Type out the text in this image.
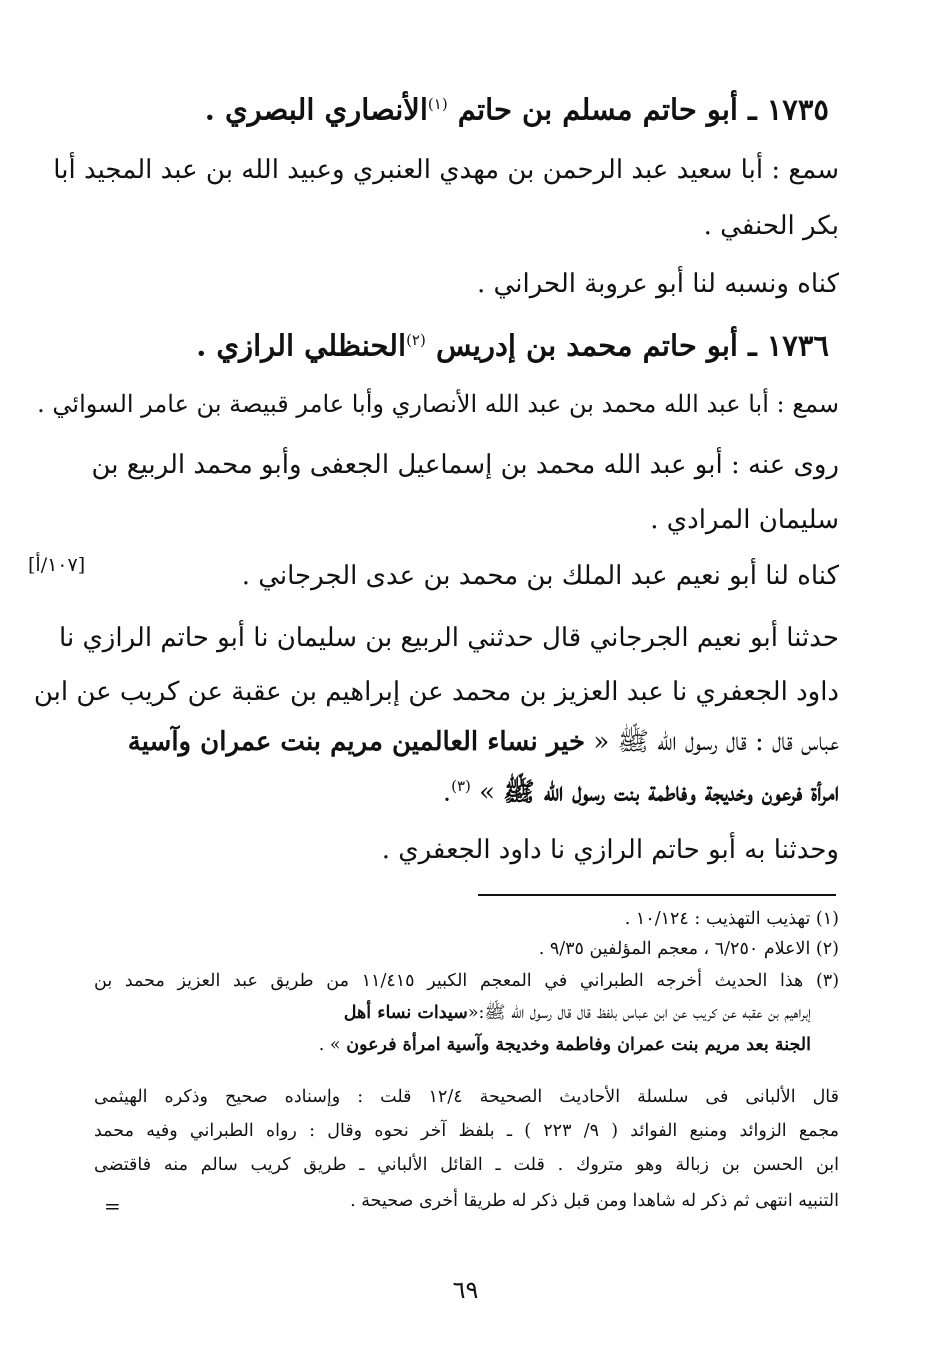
١٧٣٥ ـ أبو حاتم مسلم بن حاتم $^{(١)}$الأنصاري البصري .
سمع : أبا سعيد عبد الرحمن بن مهدي العنبري وعبيد الله بن عبد المجيد أبا
بكر الحنفي .
كناه ونسبه لنا أبو عروبة الحراني .
١٧٣٦ ـ أبو حاتم محمد بن إدريس $^{(٢)}$الحنظلي الرازي .
سمع : أبا عبد الله محمد بن عبد الله الأنصاري وأبا عامر قبيصة بن عامر السوائي .
روى عنه : أبو عبد الله محمد بن إسماعيل الجعفى وأبو محمد الربيع بن
سليمان المرادي .
كناه لنا أبو نعيم عبد الملك بن محمد بن عدى الجرجاني .
[١٠٧/أ]
حدثنا أبو نعيم الجرجاني قال حدثني الربيع بن سليمان نا أبو حاتم الرازي نا
داود الجعفري نا عبد العزيز بن محمد عن إبراهيم بن عقبة عن كريب عن ابن
عباس قال : قال رسول الله ﷺ « خير نساء العالمين مريم بنت عمران وآسية
امرأة فرعون وخديجة وفاطمة بنت رسول الله ﷺ » $^{(٣)}$.
وحدثنا به أبو حاتم الرازي نا داود الجعفري .
(١) تهذيب التهذيب : ١٠/١٢٤ .
(٢) الاعلام ٦/٢٥٠ ، معجم المؤلفين ٩/٣٥ .
(٣) هذا الحديث أخرجه الطبراني في المعجم الكبير ١١/٤١٥ من طريق عبد العزيز محمد بن
إبراهيم بن عقبه عن كريب عن ابن عباس بلفظ قال قال رسول الله ﷺ:«سيدات نساء أهل
الجنة بعد مريم بنت عمران وفاطمة وخديجة وآسية امرأة فرعون » .
قال الألبانى فى سلسلة الأحاديث الصحيحة ١٢/٤ قلت : وإسناده صحيح وذكره الهيثمى
مجمع الزوائد ومنبع الفوائد ( ٩/ ٢٢٣ ) ـ بلفظ آخر نحوه وقال : رواه الطبراني وفيه محمد
ابن الحسن بن زبالة وهو متروك . قلت ـ القائل الألباني ـ طريق كريب سالم منه فاقتضى
التنبيه انتهى ثم ذكر له شاهدا ومن قبل ذكر له طريقا أخرى صحيحة .
=
٦٩
